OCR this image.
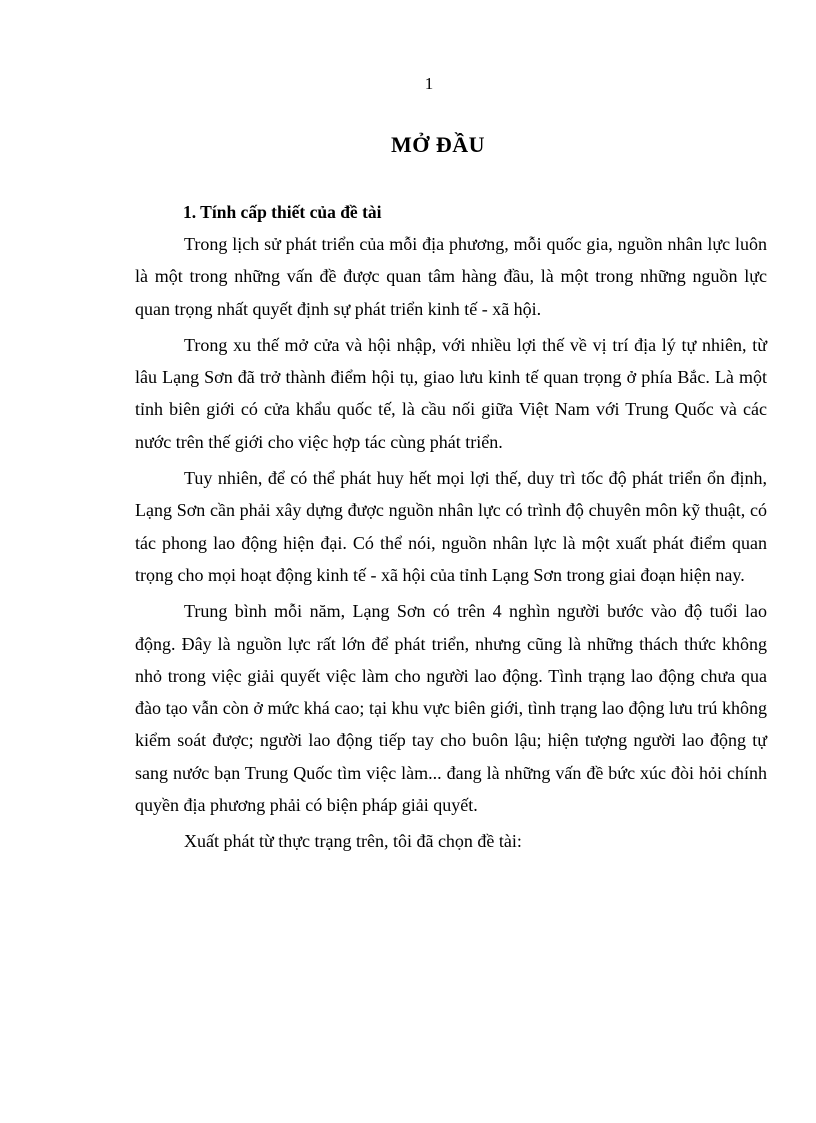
1
MỞ ĐẦU
1. Tính cấp thiết của đề tài

Trong lịch sử phát triển của mỗi địa phương, mỗi quốc gia, nguồn nhân lực luôn là một trong những vấn đề được quan tâm hàng đầu, là một trong những nguồn lực quan trọng nhất quyết định sự phát triển kinh tế - xã hội.

Trong xu thế mở cửa và hội nhập, với nhiều lợi thế về vị trí địa lý tự nhiên, từ lâu Lạng Sơn đã trở thành điểm hội tụ, giao lưu kinh tế quan trọng ở phía Bắc. Là một tỉnh biên giới có cửa khẩu quốc tế, là cầu nối giữa Việt Nam với Trung Quốc và các nước trên thế giới cho việc hợp tác cùng phát triển.

Tuy nhiên, để có thể phát huy hết mọi lợi thế, duy trì tốc độ phát triển ổn định, Lạng Sơn cần phải xây dựng được nguồn nhân lực có trình độ chuyên môn kỹ thuật, có tác phong lao động hiện đại. Có thể nói, nguồn nhân lực là một xuất phát điểm quan trọng cho mọi hoạt động kinh tế - xã hội của tỉnh Lạng Sơn trong giai đoạn hiện nay.

Trung bình mỗi năm, Lạng Sơn có trên 4 nghìn người bước vào độ tuổi lao động. Đây là nguồn lực rất lớn để phát triển, nhưng cũng là những thách thức không nhỏ trong việc giải quyết việc làm cho người lao động. Tình trạng lao động chưa qua đào tạo vẫn còn ở mức khá cao; tại khu vực biên giới, tình trạng lao động lưu trú không kiểm soát được; người lao động tiếp tay cho buôn lậu; hiện tượng người lao động tự sang nước bạn Trung Quốc tìm việc làm... đang là những vấn đề bức xúc đòi hỏi chính quyền địa phương phải có biện pháp giải quyết.

Xuất phát từ thực trạng trên, tôi đã chọn đề tài:
